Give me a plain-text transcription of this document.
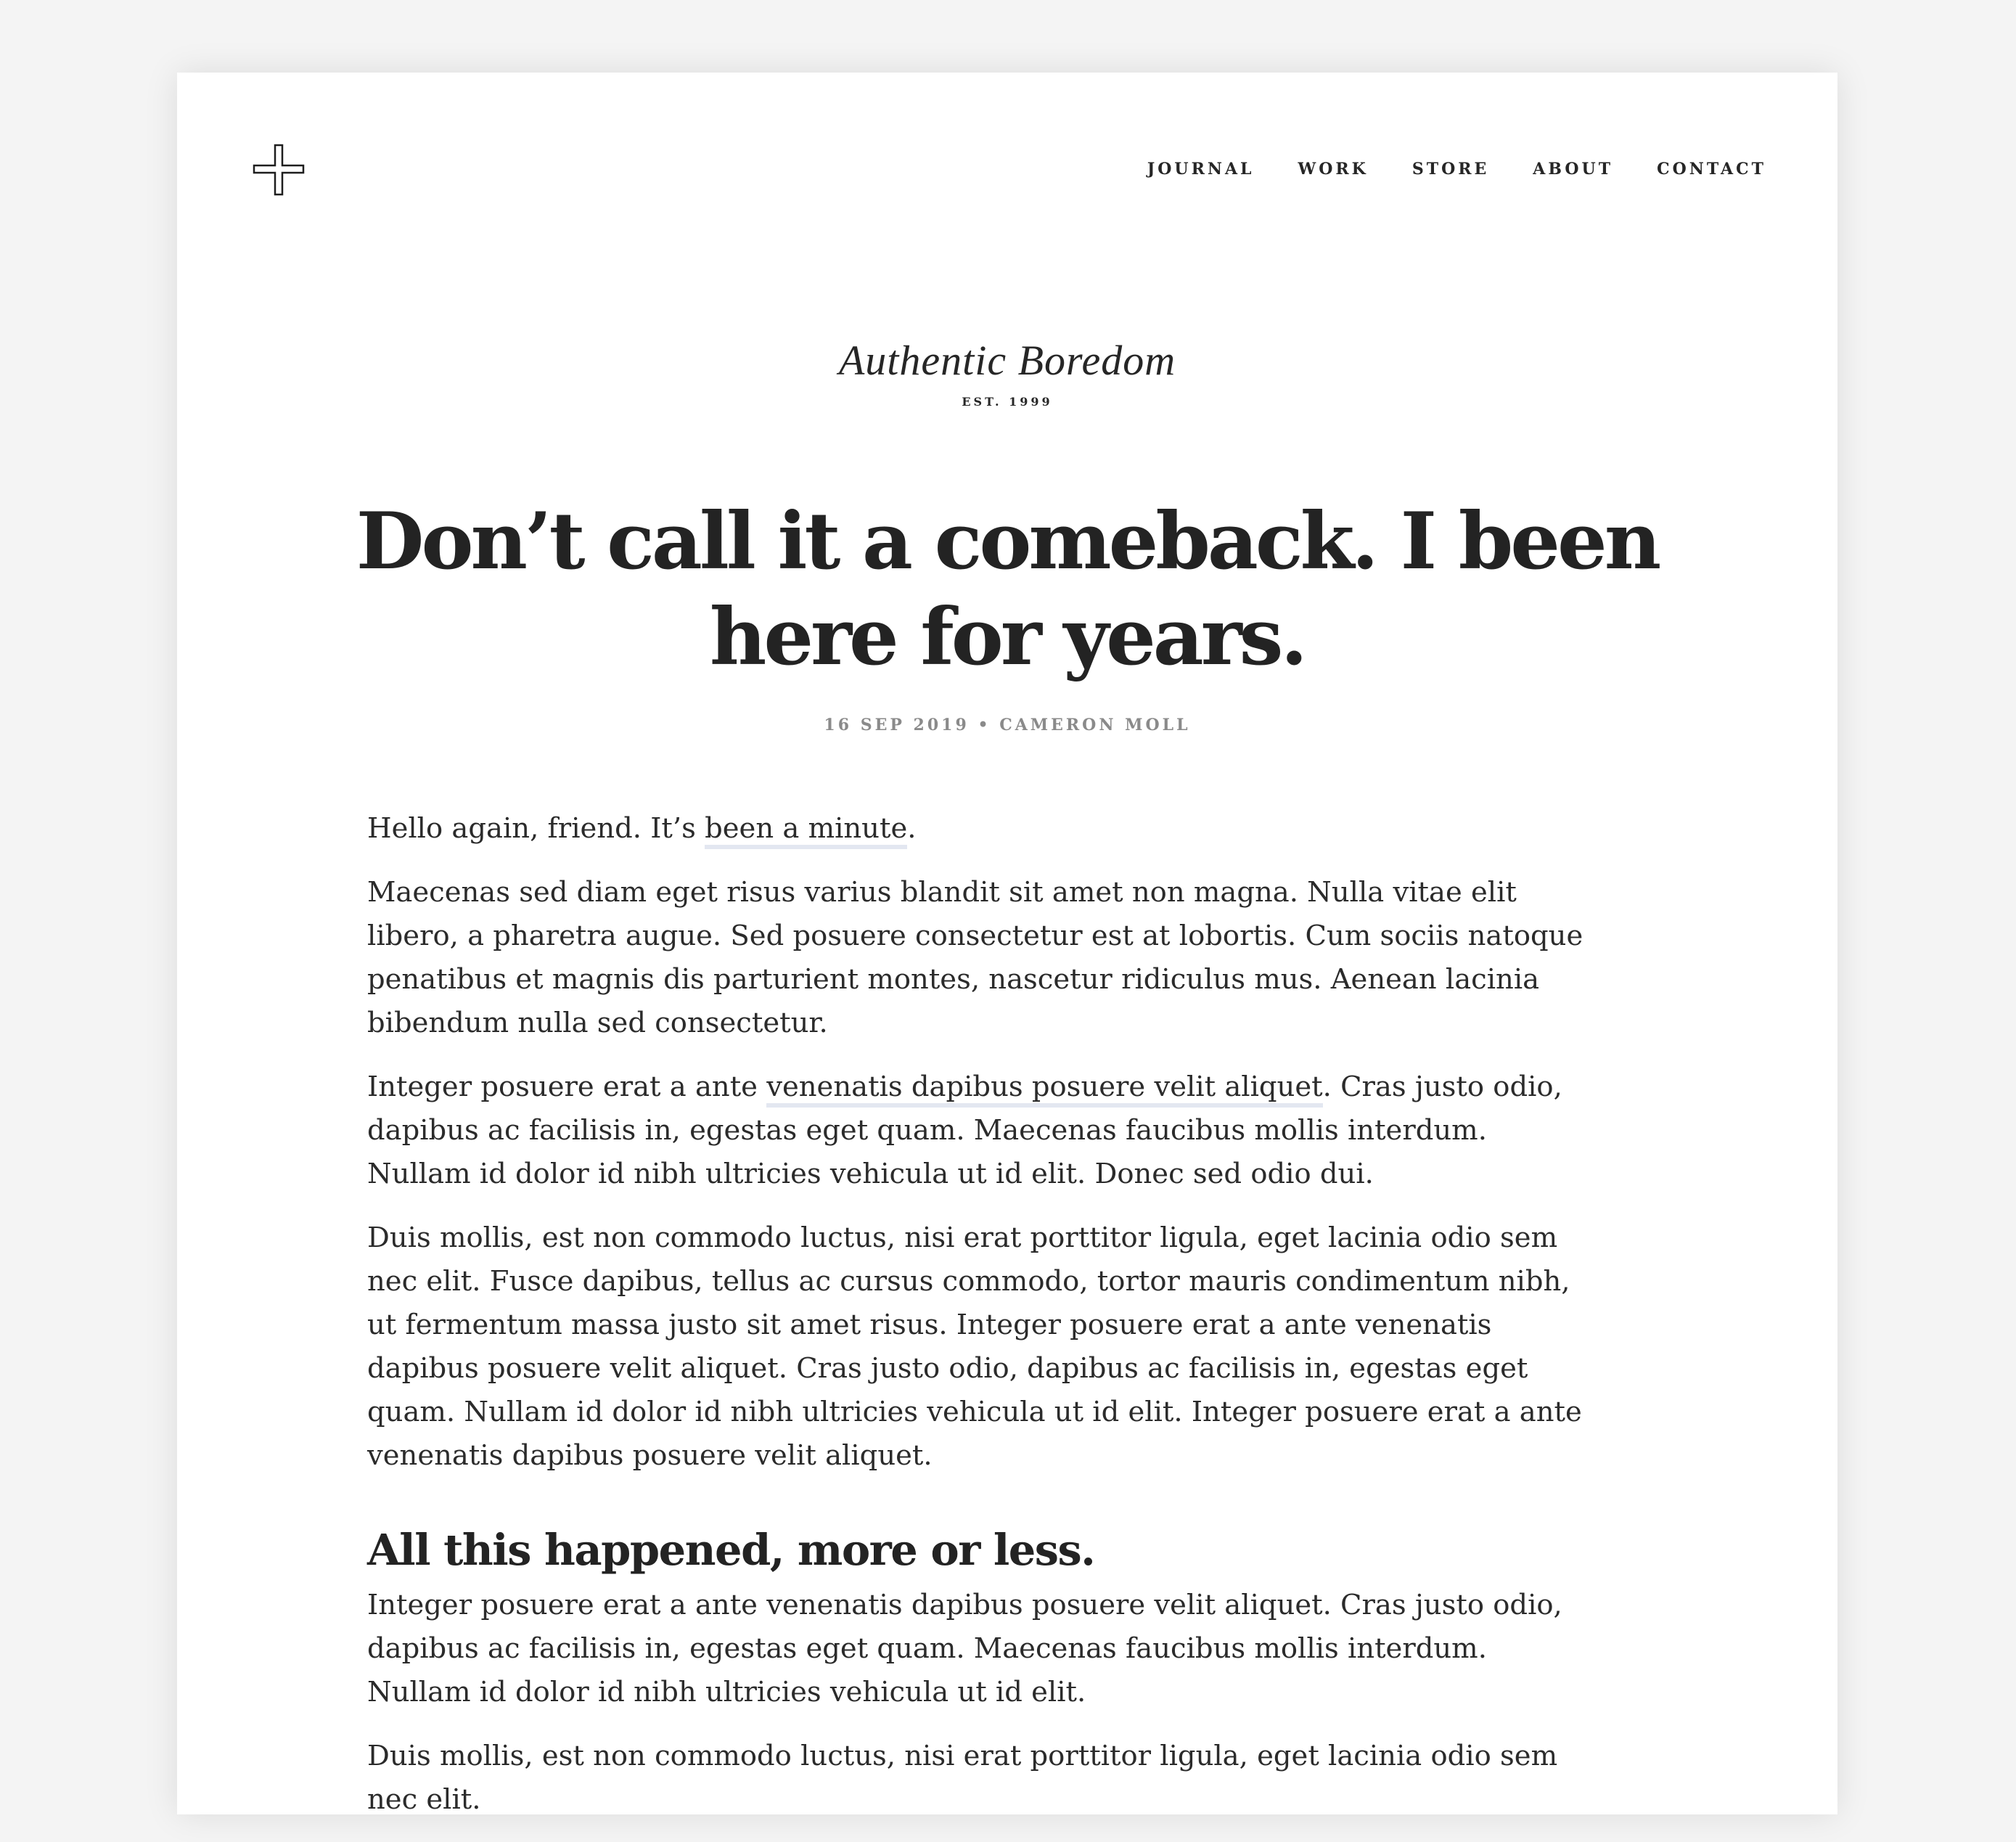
JOURNAL	WORK	STORE	ABOUT	CONTACT
Authentic Boredom
EST. 1999
Don’t call it a comeback. I been here for years.
16 SEP 2019 • CAMERON MOLL

Hello again, friend. It’s been a minute.

Maecenas sed diam eget risus varius blandit sit amet non magna. Nulla vitae elit libero, a pharetra augue. Sed posuere consectetur est at lobortis. Cum sociis natoque penatibus et magnis dis parturient montes, nascetur ridiculus mus. Aenean lacinia bibendum nulla sed consectetur.

Integer posuere erat a ante venenatis dapibus posuere velit aliquet. Cras justo odio, dapibus ac facilisis in, egestas eget quam. Maecenas faucibus mollis interdum. Nullam id dolor id nibh ultricies vehicula ut id elit. Donec sed odio dui.

Duis mollis, est non commodo luctus, nisi erat porttitor ligula, eget lacinia odio sem nec elit. Fusce dapibus, tellus ac cursus commodo, tortor mauris condimentum nibh, ut fermentum massa justo sit amet risus. Integer posuere erat a ante venenatis dapibus posuere velit aliquet. Cras justo odio, dapibus ac facilisis in, egestas eget quam. Nullam id dolor id nibh ultricies vehicula ut id elit. Integer posuere erat a ante venenatis dapibus posuere velit aliquet.

All this happened, more or less.

Integer posuere erat a ante venenatis dapibus posuere velit aliquet. Cras justo odio, dapibus ac facilisis in, egestas eget quam. Maecenas faucibus mollis interdum. Nullam id dolor id nibh ultricies vehicula ut id elit.

Duis mollis, est non commodo luctus, nisi erat porttitor ligula, eget lacinia odio sem nec elit.
